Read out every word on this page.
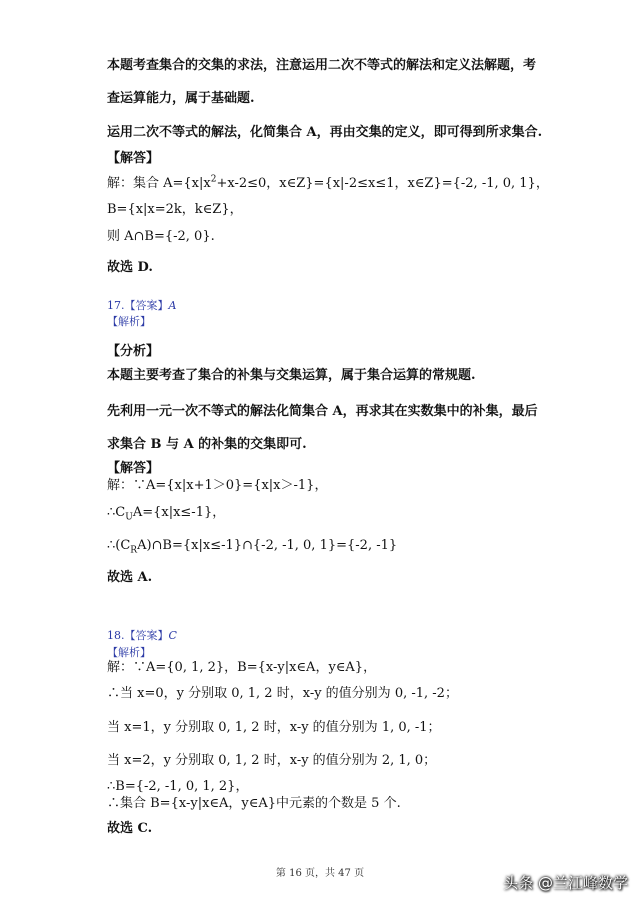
本题考查集合的交集的求法，注意运用二次不等式的解法和定义法解题，考
查运算能力，属于基础题.
运用二次不等式的解法，化简集合 A，再由交集的定义，即可得到所求集合.
【解答】
解：集合 $A=\{x|x^2+x-2\le 0$，x∈Z}={x|-2≤x≤1，x∈Z}={-2, -1, 0, 1}，
B={x|x=2k，k∈Z}，
则 A∩B={-2, 0}.
故选 D.
17.【答案】A
【解析】
【分析】
本题主要考查了集合的补集与交集运算，属于集合运算的常规题.
先利用一元一次不等式的解法化简集合 A，再求其在实数集中的补集，最后
求集合 B 与 A 的补集的交集即可.
【解答】
解：∵A={x|x+1＞0}={x|x＞-1}，
$\therefore C_UA=\{x|x\le-1\}$，
$\therefore(C_RA)\cap B=\{x|x\le-1\}\cap\{-2$, -1, 0, 1}={-2, -1}
故选 A.
18.【答案】C
【解析】
解：∵A={0, 1, 2}，B={x-y|x∈A，y∈A}，
∴当 x=0，y 分别取 0, 1, 2 时，x-y 的值分别为 0, -1, -2；
当 x=1，y 分别取 0, 1, 2 时，x-y 的值分别为 1, 0, -1；
当 x=2，y 分别取 0, 1, 2 时，x-y 的值分别为 2, 1, 0；
∴B={-2, -1, 0, 1, 2}，
∴集合 B={x-y|x∈A，y∈A}中元素的个数是 5 个.
故选 C.
第 16 页，共 47 页
头条 @兰江峰数学
